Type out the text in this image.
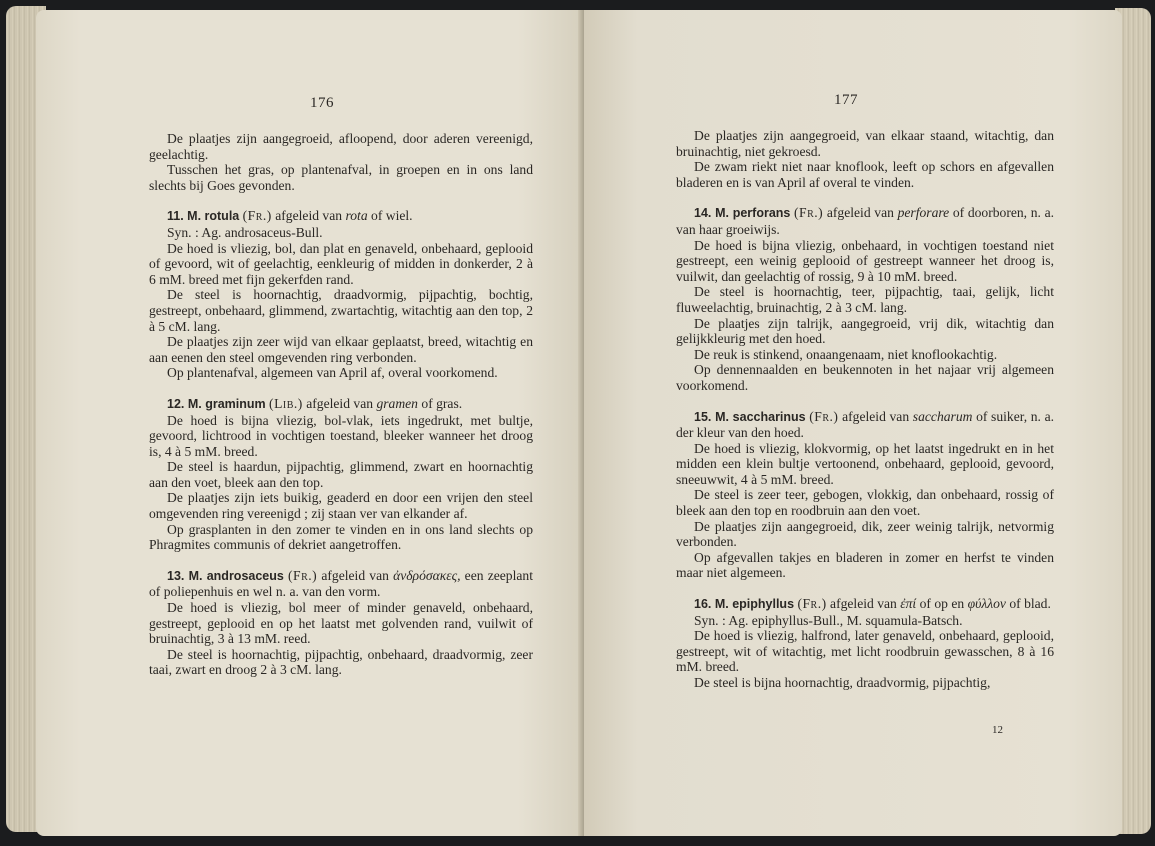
176

De plaatjes zijn aangegroeid, afloopend, door aderen vereenigd, geelachtig.

Tusschen het gras, op plantenafval, in groepen en in ons land slechts bij Goes gevonden.

11. M. rotula (Fr.) afgeleid van rota of wiel.

Syn. : Ag. androsaceus-Bull.

De hoed is vliezig, bol, dan plat en genaveld, onbehaard, geplooid of gevoord, wit of geelachtig, eenkleurig of midden in donkerder, 2 à 6 mM. breed met fijn gekerfden rand.

De steel is hoornachtig, draadvormig, pijpachtig, bochtig, gestreept, onbehaard, glimmend, zwartachtig, witachtig aan den top, 2 à 5 cM. lang.

De plaatjes zijn zeer wijd van elkaar geplaatst, breed, witachtig en aan eenen den steel omgevenden ring verbonden.

Op plantenafval, algemeen van April af, overal voorkomend.

12. M. graminum (Lib.) afgeleid van gramen of gras.

De hoed is bijna vliezig, bol-vlak, iets ingedrukt, met bultje, gevoord, lichtrood in vochtigen toestand, bleeker wanneer het droog is, 4 à 5 mM. breed.

De steel is haardun, pijpachtig, glimmend, zwart en hoornachtig aan den voet, bleek aan den top.

De plaatjes zijn iets buikig, geaderd en door een vrijen den steel omgevenden ring vereenigd ; zij staan ver van elkander af.

Op grasplanten in den zomer te vinden en in ons land slechts op Phragmites communis of dekriet aangetroffen.

13. M. androsaceus (Fr.) afgeleid van ἀνδρόσακες, een zeeplant of poliepenhuis en wel n. a. van den vorm.

De hoed is vliezig, bol meer of minder genaveld, onbehaard, gestreept, geplooid en op het laatst met golvenden rand, vuilwit of bruinachtig, 3 à 13 mM. reed.

De steel is hoornachtig, pijpachtig, onbehaard, draadvormig, zeer taai, zwart en droog 2 à 3 cM. lang.

177

De plaatjes zijn aangegroeid, van elkaar staand, witachtig, dan bruinachtig, niet gekroesd.

De zwam riekt niet naar knoflook, leeft op schors en afgevallen bladeren en is van April af overal te vinden.

14. M. perforans (Fr.) afgeleid van perforare of doorboren, n. a. van haar groeiwijs.

De hoed is bijna vliezig, onbehaard, in vochtigen toestand niet gestreept, een weinig geplooid of gestreept wanneer het droog is, vuilwit, dan geelachtig of rossig, 9 à 10 mM. breed.

De steel is hoornachtig, teer, pijpachtig, taai, gelijk, licht fluweelachtig, bruinachtig, 2 à 3 cM. lang.

De plaatjes zijn talrijk, aangegroeid, vrij dik, witachtig dan gelijkkleurig met den hoed.

De reuk is stinkend, onaangenaam, niet knoflookachtig.

Op dennennaalden en beukennoten in het najaar vrij algemeen voorkomend.

15. M. saccharinus (Fr.) afgeleid van saccharum of suiker, n. a. der kleur van den hoed.

De hoed is vliezig, klokvormig, op het laatst ingedrukt en in het midden een klein bultje vertoonend, onbehaard, geplooid, gevoord, sneeuwwit, 4 à 5 mM. breed.

De steel is zeer teer, gebogen, vlokkig, dan onbehaard, rossig of bleek aan den top en roodbruin aan den voet.

De plaatjes zijn aangegroeid, dik, zeer weinig talrijk, netvormig verbonden.

Op afgevallen takjes en bladeren in zomer en herfst te vinden maar niet algemeen.

16. M. epiphyllus (Fr.) afgeleid van ἐπί of op en φύλλον of blad.

Syn. : Ag. epiphyllus-Bull., M. squamula-Batsch.

De hoed is vliezig, halfrond, later genaveld, onbehaard, geplooid, gestreept, wit of witachtig, met licht roodbruin gewasschen, 8 à 16 mM. breed.

De steel is bijna hoornachtig, draadvormig, pijpachtig,

12
